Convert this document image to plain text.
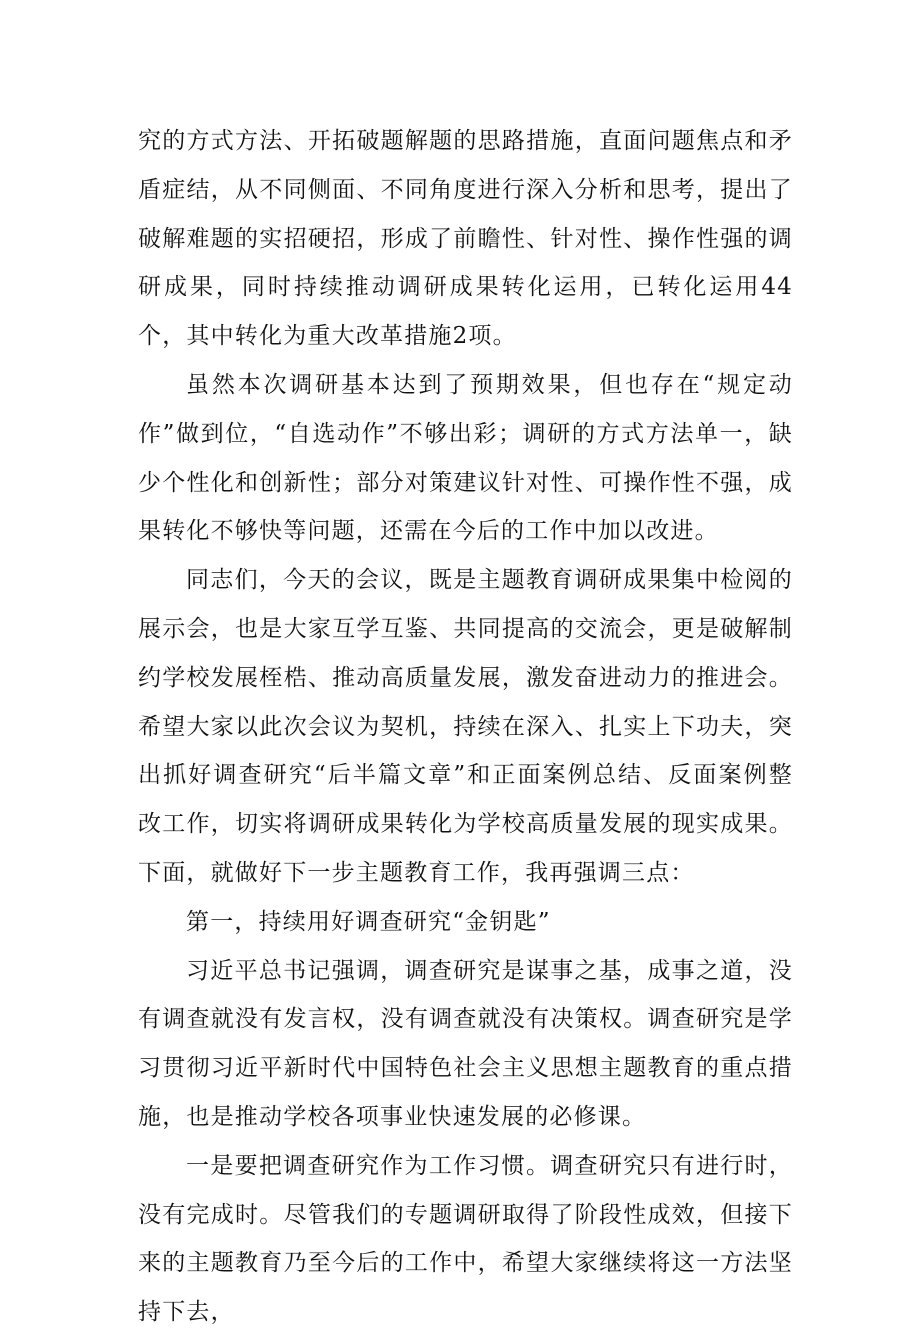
究的方式方法、开拓破题解题的思路措施，直面问题焦点和矛盾症结，从不同侧面、不同角度进行深入分析和思考，提出了破解难题的实招硬招，形成了前瞻性、针对性、操作性强的调研成果，同时持续推动调研成果转化运用，已转化运用44个，其中转化为重大改革措施2项。

虽然本次调研基本达到了预期效果，但也存在“规定动作”做到位，“自选动作”不够出彩；调研的方式方法单一，缺少个性化和创新性；部分对策建议针对性、可操作性不强，成果转化不够快等问题，还需在今后的工作中加以改进。

同志们，今天的会议，既是主题教育调研成果集中检阅的展示会，也是大家互学互鉴、共同提高的交流会，更是破解制约学校发展桎梏、推动高质量发展，激发奋进动力的推进会。希望大家以此次会议为契机，持续在深入、扎实上下功夫，突出抓好调查研究“后半篇文章”和正面案例总结、反面案例整改工作，切实将调研成果转化为学校高质量发展的现实成果。下面，就做好下一步主题教育工作，我再强调三点：

第一，持续用好调查研究“金钥匙”

习近平总书记强调，调查研究是谋事之基，成事之道，没有调查就没有发言权，没有调查就没有决策权。调查研究是学习贯彻习近平新时代中国特色社会主义思想主题教育的重点措施，也是推动学校各项事业快速发展的必修课。

一是要把调查研究作为工作习惯。调查研究只有进行时，没有完成时。尽管我们的专题调研取得了阶段性成效，但接下来的主题教育乃至今后的工作中，希望大家继续将这一方法坚持下去，
